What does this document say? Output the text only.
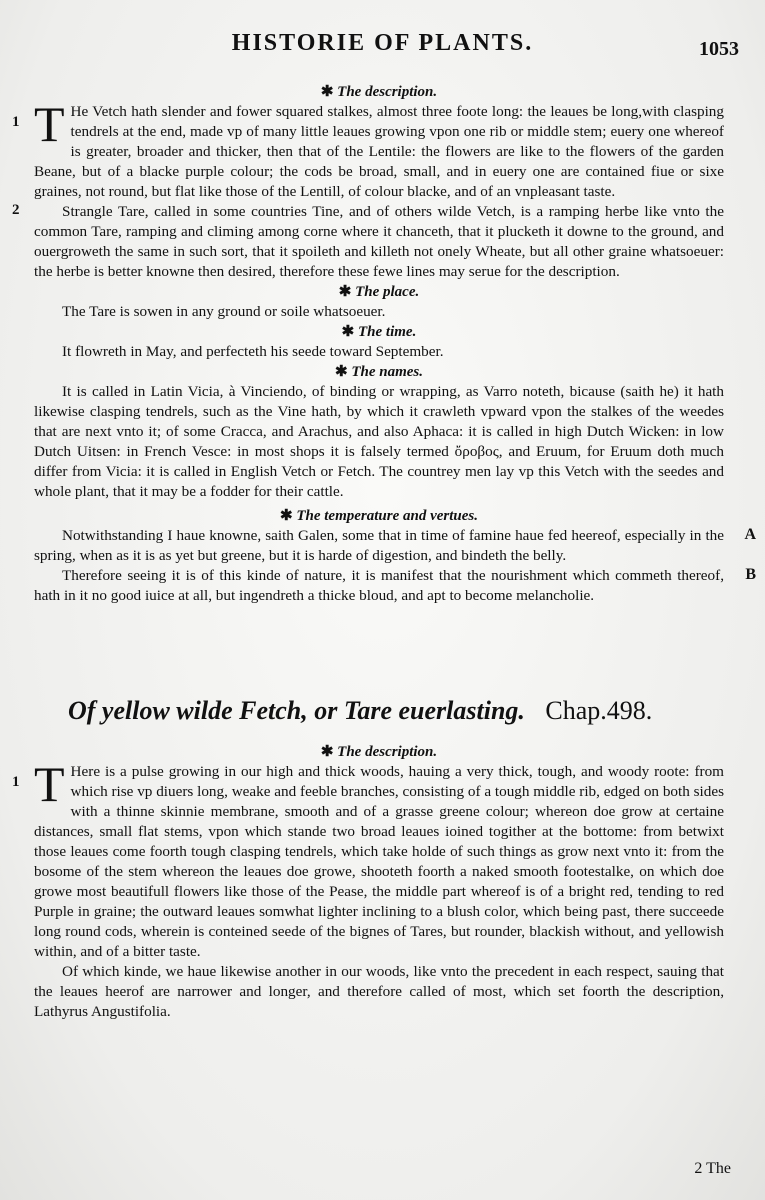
HISTORIE OF PLANTS.	1053
✱ The description.
1 T He Vetch hath slender and fower squared stalkes, almost three foote long: the leaues be long,with clasping tendrels at the end, made vp of many little leaues growing vpon one rib or middle stem; euery one whereof is greater, broader and thicker, then that of the Lentile: the flowers are like to the flowers of the garden Beane, but of a blacke purple colour; the cods be broad, small, and in euery one are contained fiue or sixe graines, not round, but flat like those of the Lentill, of colour blacke, and of an vnpleasant taste.

2	Strangle Tare, called in some countries Tine, and of others wilde Vetch, is a ramping herbe like vnto the common Tare, ramping and climing among corne where it chanceth, that it plucketh it downe to the ground, and ouergroweth the same in such sort, that it spoileth and killeth not onely Wheate, but all other graine whatsoeuer: the herbe is better knowne then desired, therefore these fewe lines may serue for the description.

✱ The place.

The Tare is sowen in any ground or soile whatsoeuer.

✱ The time.

It flowreth in May, and perfecteth his seede toward September.

✱ The names.

It is called in Latin Vicia, à Vinciendo, of binding or wrapping, as Varro noteth, bicause (saith he) it hath likewise clasping tendrels, such as the Vine hath, by which it crawleth vpward vpon the stalkes of the weedes that are next vnto it; of some Cracca, and Arachus, and also Aphaca: it is called in high Dutch Wicken: in low Dutch Uitsen: in French Vesce: in most shops it is falsely termed ὄροβος, and Eruum, for Eruum doth much differ from Vicia: it is called in English Vetch or Fetch. The countrey men lay vp this Vetch with the seedes and whole plant, that it may be a fodder for their cattle.

✱ The temperature and vertues.

Notwithstanding I haue knowne, saith Galen, some that in time of famine haue fed heereof, especially in the spring, when as it is as yet but greene, but it is harde of digestion, and bindeth the belly.

A

Therefore seeing it is of this kinde of nature, it is manifest that the nourishment which commeth thereof, hath in it no good iuice at all, but ingendreth a thicke bloud, and apt to become melancholie.

B
Of yellow wilde Fetch, or Tare euerlasting. Chap.498.
✱ The description.
1 T Here is a pulse growing in our high and thick woods, hauing a very thick, tough, and woody roote: from which rise vp diuers long, weake and feeble branches, consisting of a tough middle rib, edged on both sides with a thinne skinnie membrane, smooth and of a grasse greene colour; whereon doe grow at certaine distances, small flat stems, vpon which stande two broad leaues ioined togither at the bottome: from betwixt those leaues come foorth tough clasping tendrels, which take holde of such things as grow next vnto it: from the bosome of the stem whereon the leaues doe growe, shooteth foorth a naked smooth footestalke, on which doe growe most beautifull flowers like those of the Pease, the middle part whereof is of a bright red, tending to red Purple in graine; the outward leaues somwhat lighter inclining to a blush color, which being past, there succeede long round cods, wherein is conteined seede of the bignes of Tares, but rounder, blackish without, and yellowish within, and of a bitter taste.

Of which kinde, we haue likewise another in our woods, like vnto the precedent in each respect, sauing that the leaues heerof are narrower and longer, and therefore called of most, which set foorth the description, Lathyrus Angustifolia.

2 The
